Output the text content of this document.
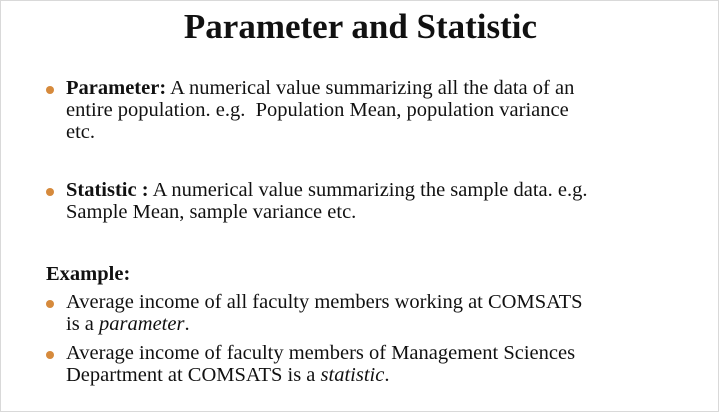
Parameter and Statistic
Parameter: A numerical value summarizing all the data of an
entire population. e.g.  Population Mean, population variance
etc.
Statistic : A numerical value summarizing the sample data. e.g.
Sample Mean, sample variance etc.
Example:
Average income of all faculty members working at COMSATS
is a parameter.
Average income of faculty members of Management Sciences
Department at COMSATS is a statistic.
